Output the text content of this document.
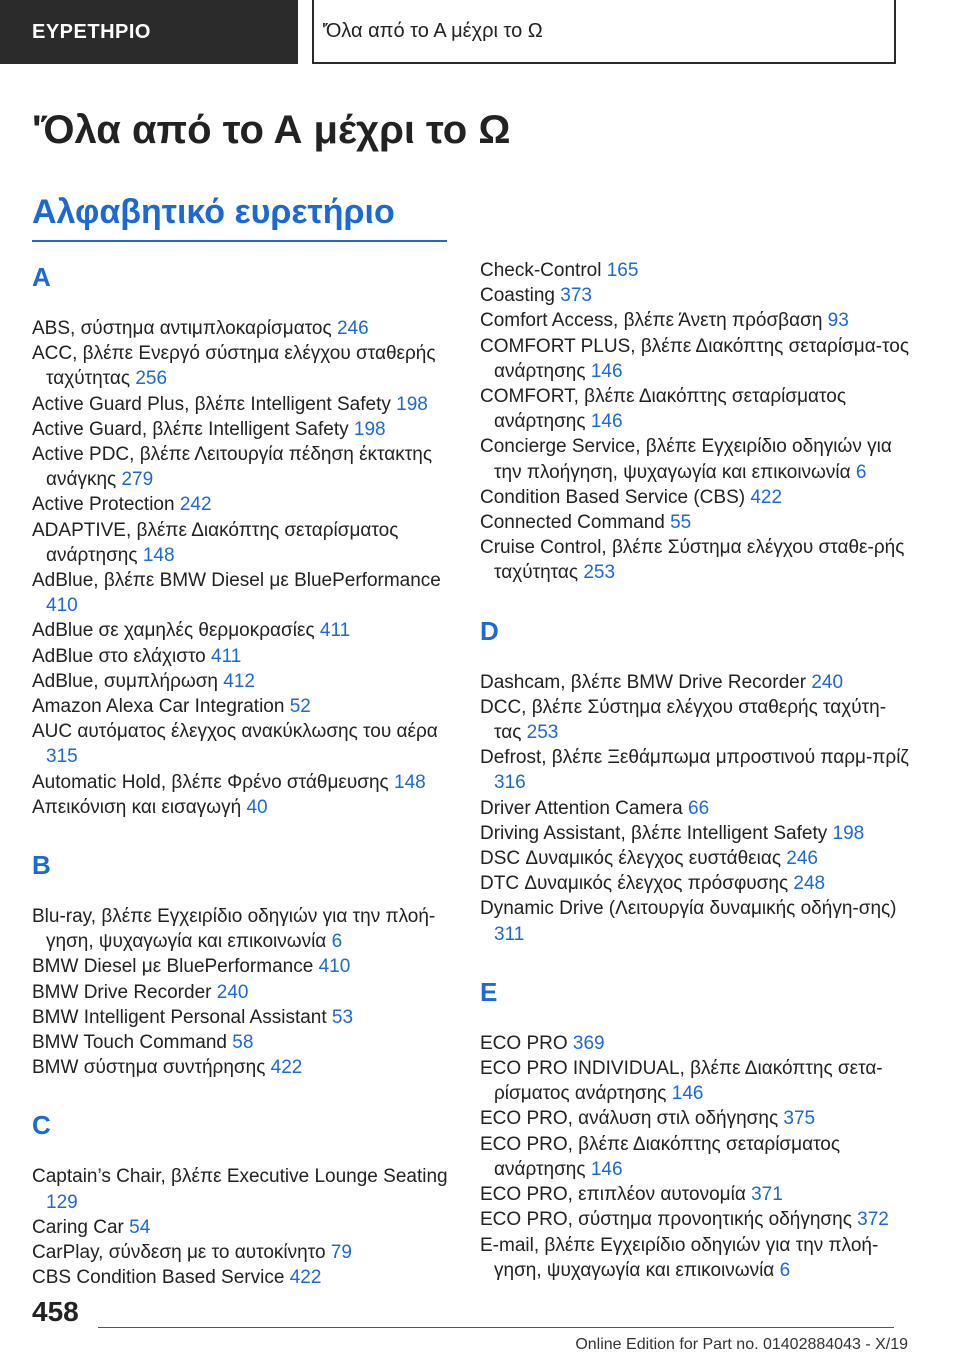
ΕΥΡΕΤΗΡΙΟ	'Όλα από το Α μέχρι το Ω
'Όλα από το Α μέχρι το Ω
Αλφαβητικό ευρετήριο
A

ABS, σύστημα αντιμπλοκαρίσματος 246

ACC, βλέπε Ενεργό σύστημα ελέγχου σταθερής ταχύτητας 256

Active Guard Plus, βλέπε Intelligent Safety 198

Active Guard, βλέπε Intelligent Safety 198

Active PDC, βλέπε Λειτουργία πέδηση έκτακτης ανάγκης 279

Active Protection 242

ADAPTIVE, βλέπε Διακόπτης σεταρίσματος ανάρτησης 148

AdBlue, βλέπε BMW Diesel με BluePerformance 410

AdBlue σε χαμηλές θερμοκρασίες 411

AdBlue στο ελάχιστο 411

AdBlue, συμπλήρωση 412

Amazon Alexa Car Integration 52

AUC αυτόματος έλεγχος ανακύκλωσης του αέρα 315

Automatic Hold, βλέπε Φρένο στάθμευσης 148

Απεικόνιση και εισαγωγή 40

B

Blu-ray, βλέπε Εγχειρίδιο οδηγιών για την πλοή-γηση, ψυχαγωγία και επικοινωνία 6

BMW Diesel με BluePerformance 410

BMW Drive Recorder 240

BMW Intelligent Personal Assistant 53

BMW Touch Command 58

BMW σύστημα συντήρησης 422

C

Captain’s Chair, βλέπε Executive Lounge Seating 129

Caring Car 54

CarPlay, σύνδεση με το αυτοκίνητο 79

CBS Condition Based Service 422

Check-Control 165

Coasting 373

Comfort Access, βλέπε Άνετη πρόσβαση 93

COMFORT PLUS, βλέπε Διακόπτης σεταρίσμα-τος ανάρτησης 146

COMFORT, βλέπε Διακόπτης σεταρίσματος ανάρτησης 146

Concierge Service, βλέπε Εγχειρίδιο οδηγιών για την πλοήγηση, ψυχαγωγία και επικοινωνία 6

Condition Based Service (CBS) 422

Connected Command 55

Cruise Control, βλέπε Σύστημα ελέγχου σταθε-ρής ταχύτητας 253

D

Dashcam, βλέπε BMW Drive Recorder 240

DCC, βλέπε Σύστημα ελέγχου σταθερής ταχύτη-τας 253

Defrost, βλέπε Ξεθάμπωμα μπροστινού παρμ-πρίζ 316

Driver Attention Camera 66

Driving Assistant, βλέπε Intelligent Safety 198

DSC Δυναμικός έλεγχος ευστάθειας 246

DTC Δυναμικός έλεγχος πρόσφυσης 248

Dynamic Drive (Λειτουργία δυναμικής οδήγη-σης) 311

E

ECO PRO 369

ECO PRO INDIVIDUAL, βλέπε Διακόπτης σετα-ρίσματος ανάρτησης 146

ECO PRO, ανάλυση στιλ οδήγησης 375

ECO PRO, βλέπε Διακόπτης σεταρίσματος ανάρτησης 146

ECO PRO, επιπλέον αυτονομία 371

ECO PRO, σύστημα προνοητικής οδήγησης 372

E-mail, βλέπε Εγχειρίδιο οδηγιών για την πλοή-γηση, ψυχαγωγία και επικοινωνία 6

458
Online Edition for Part no. 01402884043 - X/19
